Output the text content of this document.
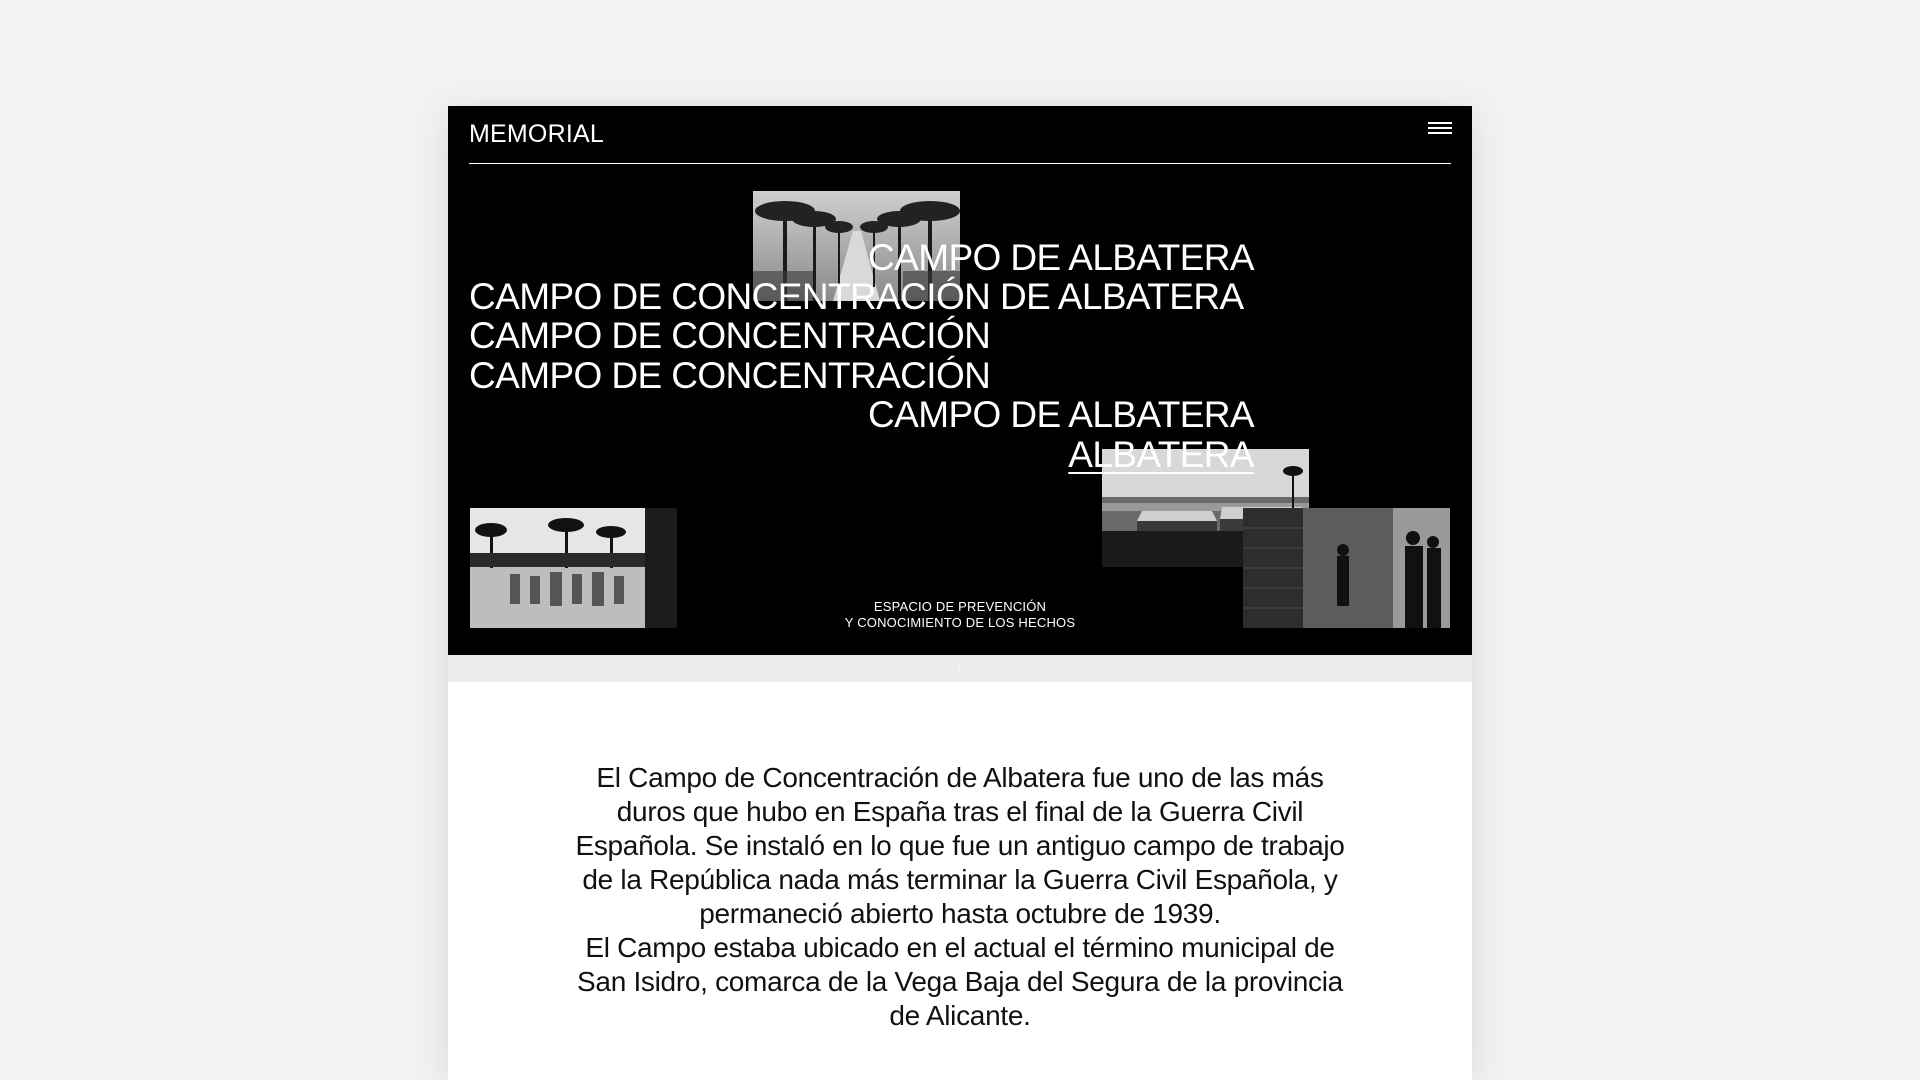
MEMORIAL
CAMPO DE ALBATERA
CAMPO DE CONCENTRACIÓN DE ALBATERA
CAMPO DE CONCENTRACIÓN
CAMPO DE CONCENTRACIÓN
CAMPO DE ALBATERA
ALBATERA
ESPACIO DE PREVENCIÓN
Y CONOCIMIENTO DE LOS HECHOS
↓

El Campo de Concentración de Albatera fue uno de las más duros que hubo en España tras el final de la Guerra Civil Española. Se instaló en lo que fue un antiguo campo de trabajo de la República nada más terminar la Guerra Civil Española, y permaneció abierto hasta octubre de 1939.

El Campo estaba ubicado en el actual el término municipal de San Isidro, comarca de la Vega Baja del Segura de la provincia de Alicante.
